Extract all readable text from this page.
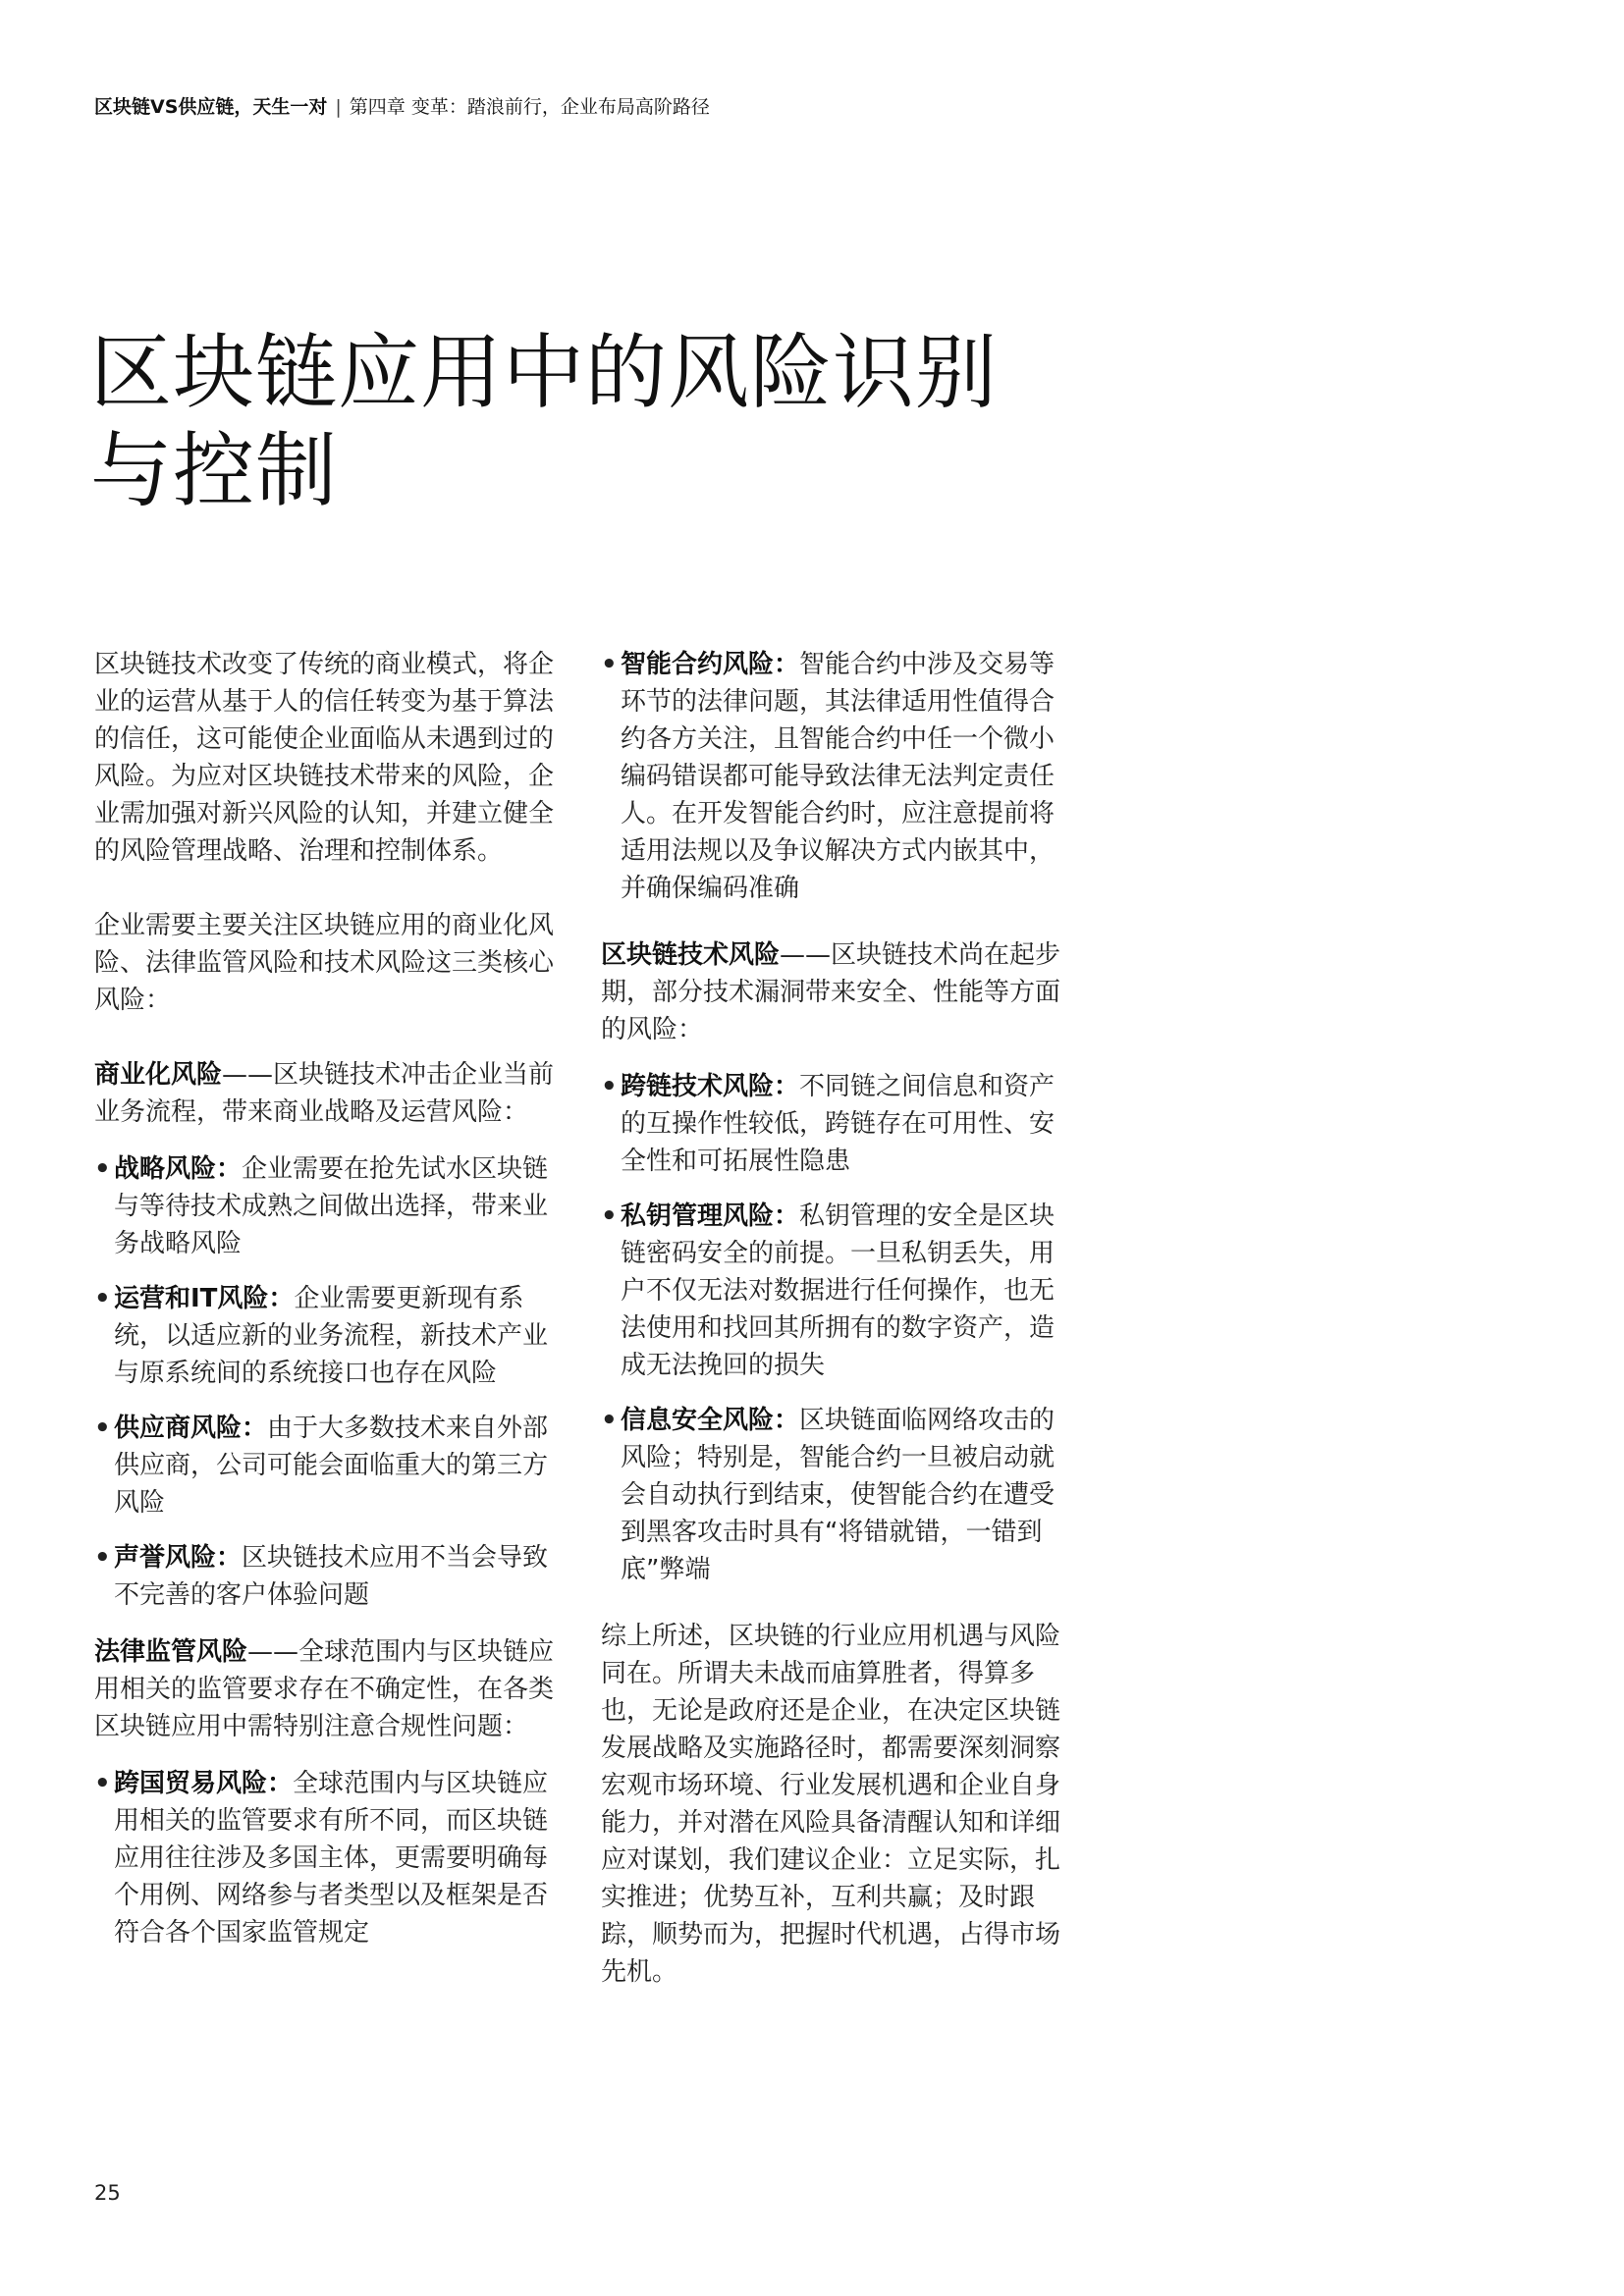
区块链VS供应链，天生一对 | 第四章 变革：踏浪前行，企业布局高阶路径
区块链应用中的风险识别与控制

区块链技术改变了传统的商业模式，将企业的运营从基于人的信任转变为基于算法的信任，这可能使企业面临从未遇到过的风险。为应对区块链技术带来的风险，企业需加强对新兴风险的认知，并建立健全的风险管理战略、治理和控制体系。

企业需要主要关注区块链应用的商业化风险、法律监管风险和技术风险这三类核心风险：

商业化风险——区块链技术冲击企业当前业务流程，带来商业战略及运营风险：

• 战略风险：企业需要在抢先试水区块链与等待技术成熟之间做出选择，带来业务战略风险
• 运营和IT风险：企业需要更新现有系统，以适应新的业务流程，新技术产业与原系统间的系统接口也存在风险
• 供应商风险：由于大多数技术来自外部供应商，公司可能会面临重大的第三方风险
• 声誉风险：区块链技术应用不当会导致不完善的客户体验问题

法律监管风险——全球范围内与区块链应用相关的监管要求存在不确定性，在各类区块链应用中需特别注意合规性问题：

• 跨国贸易风险：全球范围内与区块链应用相关的监管要求有所不同，而区块链应用往往涉及多国主体，更需要明确每个用例、网络参与者类型以及框架是否符合各个国家监管规定
• 智能合约风险：智能合约中涉及交易等环节的法律问题，其法律适用性值得合约各方关注，且智能合约中任一个微小编码错误都可能导致法律无法判定责任人。在开发智能合约时，应注意提前将适用法规以及争议解决方式内嵌其中，并确保编码准确

区块链技术风险——区块链技术尚在起步期，部分技术漏洞带来安全、性能等方面的风险：

• 跨链技术风险：不同链之间信息和资产的互操作性较低，跨链存在可用性、安全性和可拓展性隐患
• 私钥管理风险：私钥管理的安全是区块链密码安全的前提。一旦私钥丢失，用户不仅无法对数据进行任何操作，也无法使用和找回其所拥有的数字资产，造成无法挽回的损失
• 信息安全风险：区块链面临网络攻击的风险；特别是，智能合约一旦被启动就会自动执行到结束，使智能合约在遭受到黑客攻击时具有“将错就错，一错到底”弊端

综上所述，区块链的行业应用机遇与风险同在。所谓夫未战而庙算胜者，得算多也，无论是政府还是企业，在决定区块链发展战略及实施路径时，都需要深刻洞察宏观市场环境、行业发展机遇和企业自身能力，并对潜在风险具备清醒认知和详细应对谋划，我们建议企业：立足实际，扎实推进；优势互补，互利共赢；及时跟踪，顺势而为，把握时代机遇，占得市场先机。

25
